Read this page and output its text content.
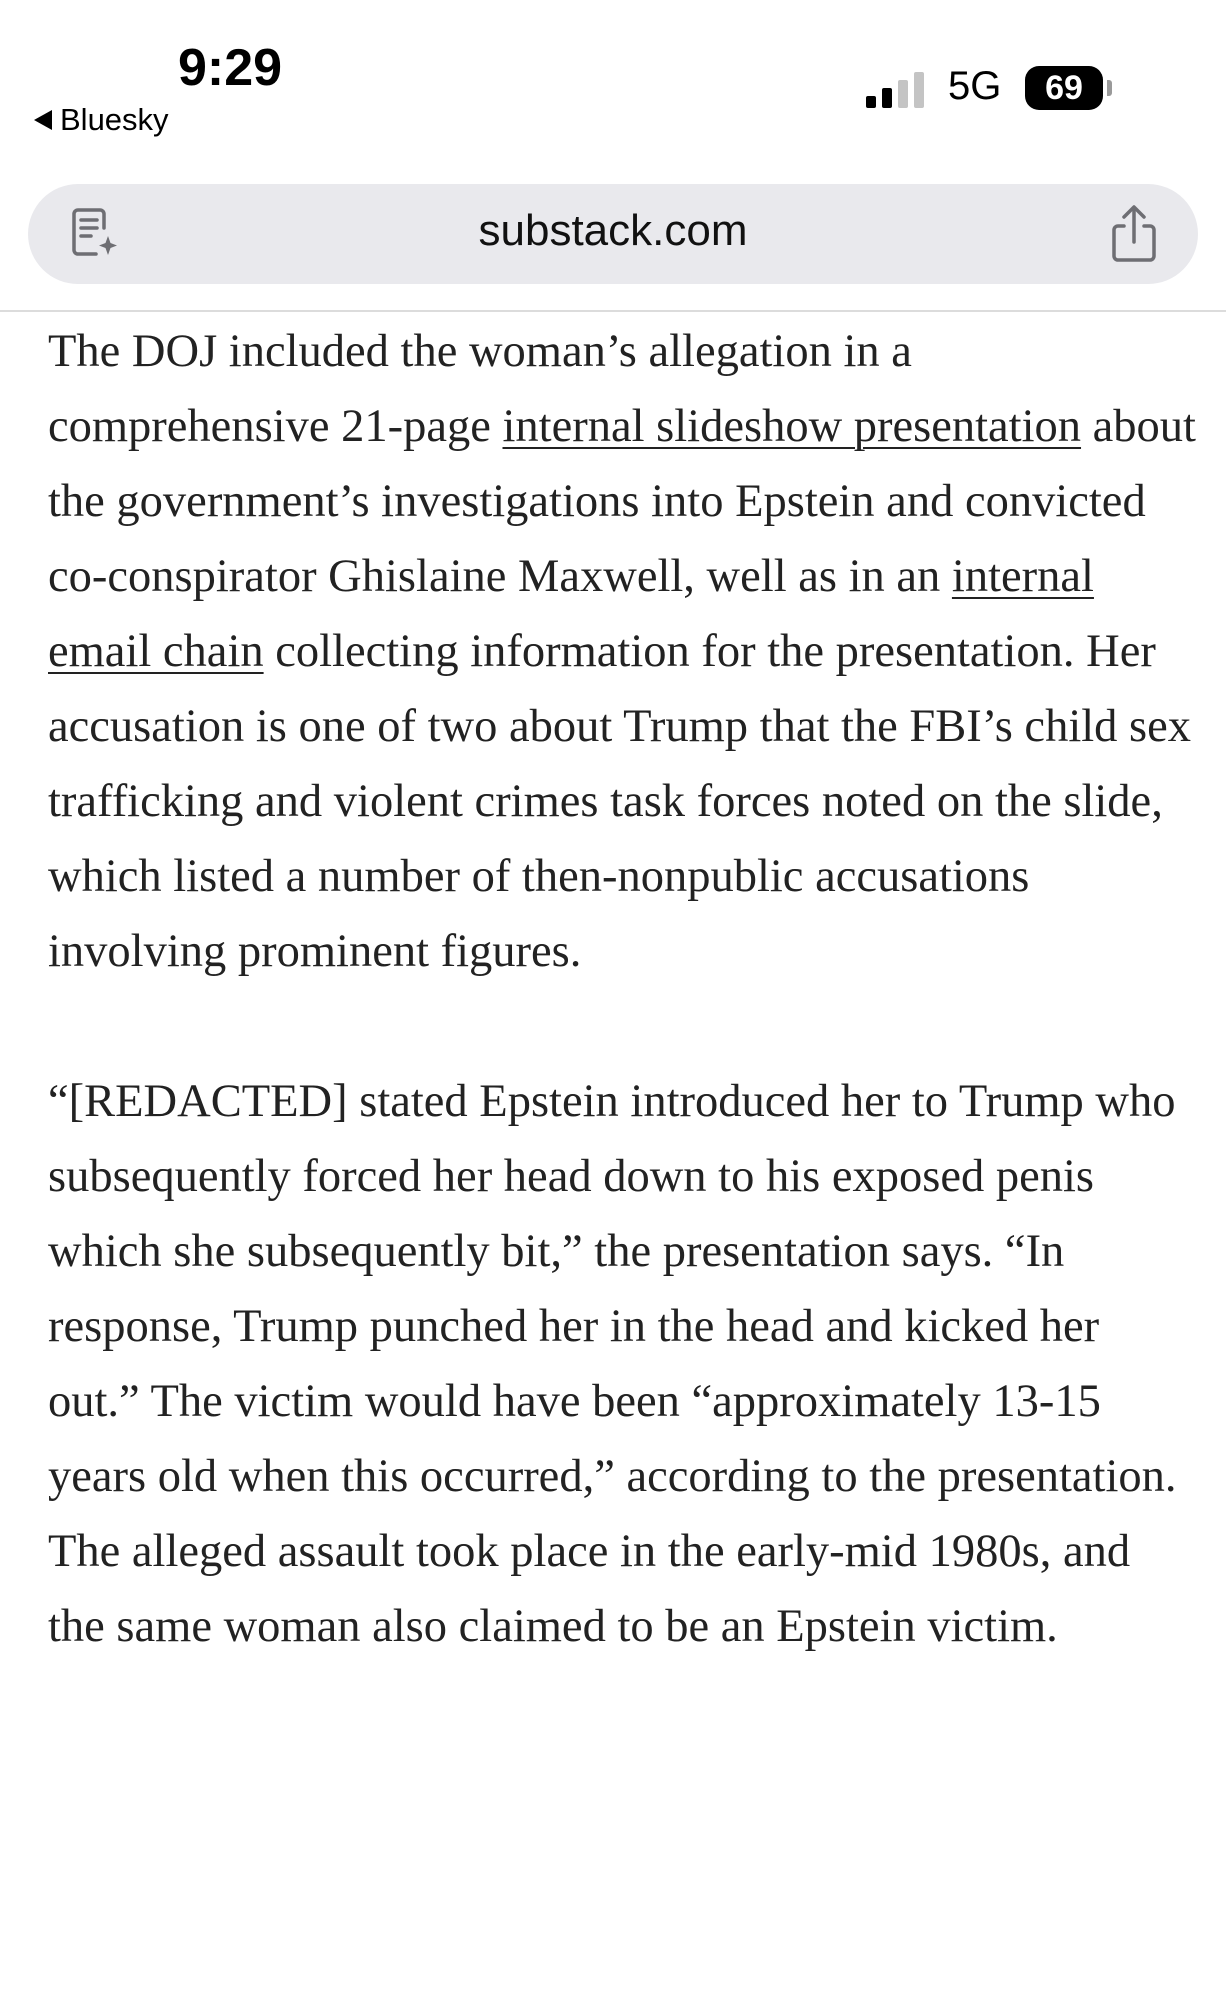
9:29
Bluesky
5G 69
substack.com

The DOJ included the woman’s allegation in a comprehensive 21-page internal slideshow presentation about the government’s investigations into Epstein and convicted co-conspirator Ghislaine Maxwell, well as in an internal email chain collecting information for the presentation. Her accusation is one of two about Trump that the FBI’s child sex trafficking and violent crimes task forces noted on the slide, which listed a number of then-nonpublic accusations involving prominent figures.

“[REDACTED] stated Epstein introduced her to Trump who subsequently forced her head down to his exposed penis which she subsequently bit,” the presentation says. “In response, Trump punched her in the head and kicked her out.” The victim would have been “approximately 13-15 years old when this occurred,” according to the presentation. The alleged assault took place in the early-mid 1980s, and the same woman also claimed to be an Epstein victim.
